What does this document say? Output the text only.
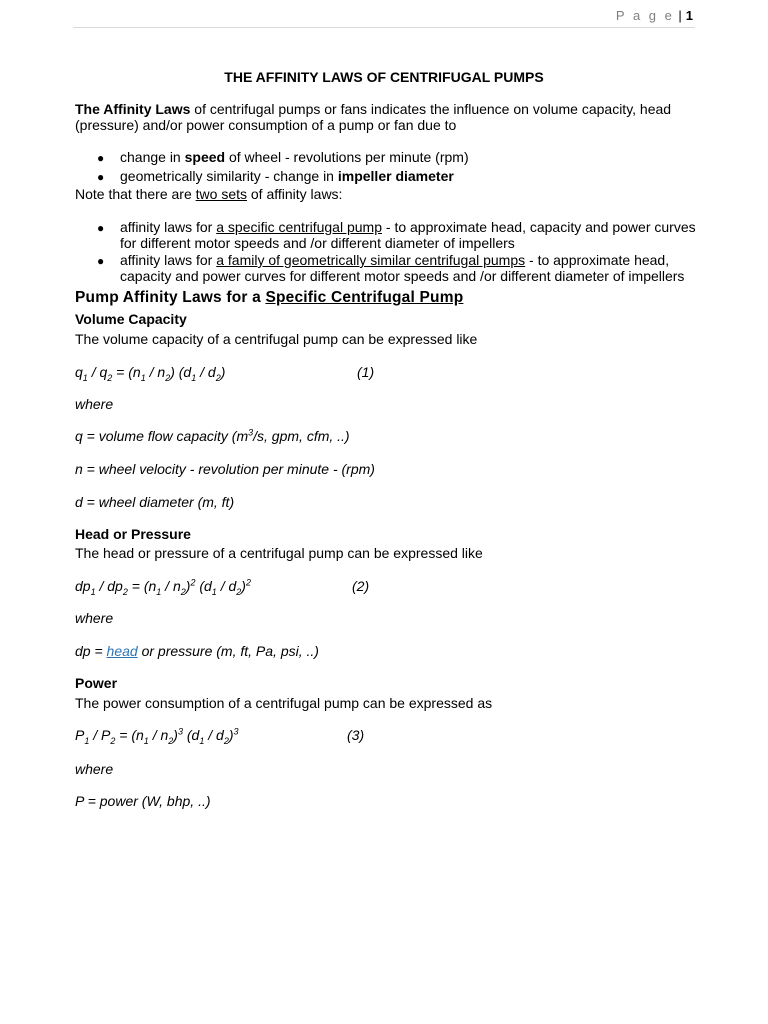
P a g e | 1
THE AFFINITY LAWS OF CENTRIFUGAL PUMPS
The Affinity Laws of centrifugal pumps or fans indicates the influence on volume capacity, head (pressure) and/or power consumption of a pump or fan due to
● change in speed of wheel - revolutions per minute (rpm)
● geometrically similarity - change in impeller diameter
Note that there are two sets of affinity laws:
● affinity laws for a specific centrifugal pump - to approximate head, capacity and power curves for different motor speeds and /or different diameter of impellers
● affinity laws for a family of geometrically similar centrifugal pumps - to approximate head, capacity and power curves for different motor speeds and /or different diameter of impellers
Pump Affinity Laws for a Specific Centrifugal Pump
Volume Capacity
The volume capacity of a centrifugal pump can be expressed like
$q_1 / q_2 = (n_1 / n_2)$ $(d_1 / d_2)$	(1)
where
q = volume flow capacity ($m^3/s$, gpm, cfm, ..)
n = wheel velocity - revolution per minute - (rpm)
d = wheel diameter (m, ft)
Head or Pressure
The head or pressure of a centrifugal pump can be expressed like
$dp_1 / dp_2 = (n_1 / n_2)^2$ $(d_1 / d_2)^2$	(2)
where
dp = head or pressure (m, ft, Pa, psi, ..)
Power
The power consumption of a centrifugal pump can be expressed as
$P_1 / P_2 = (n_1 / n_2)^3$ $(d_1 / d_2)^3$	(3)
where
P = power (W, bhp, ..)
